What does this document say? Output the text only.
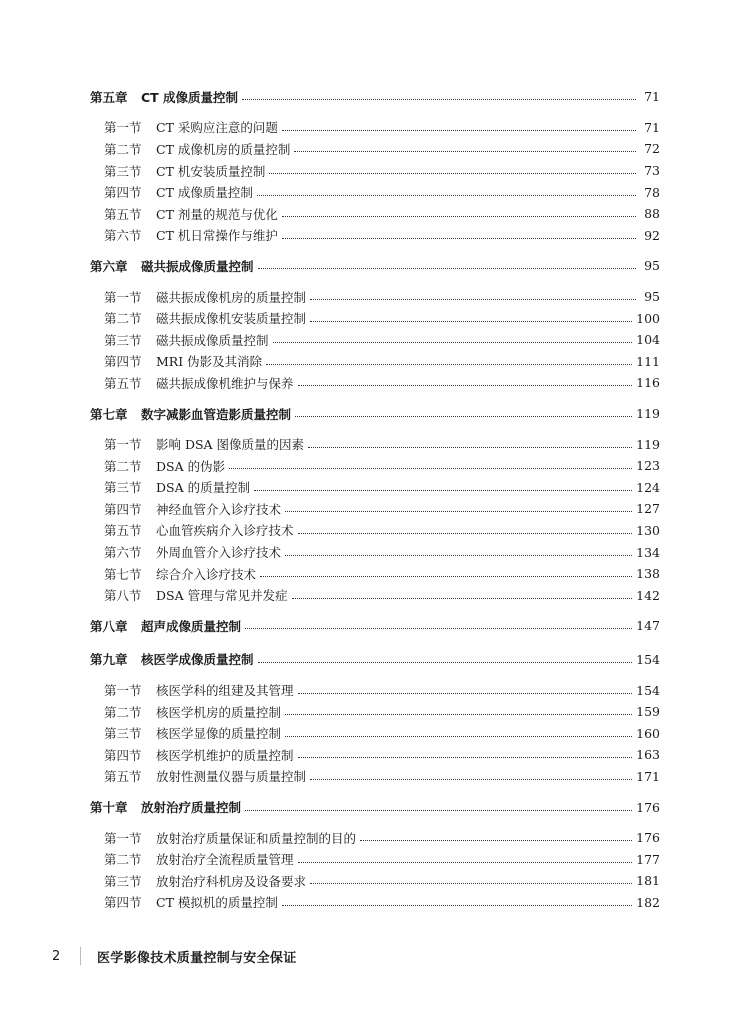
第五章 CT 成像质量控制	71
第一节 CT 采购应注意的问题	71
第二节 CT 成像机房的质量控制	72
第三节 CT 机安装质量控制	73
第四节 CT 成像质量控制	78
第五节 CT 剂量的规范与优化	88
第六节 CT 机日常操作与维护	92
第六章 磁共振成像质量控制	95
第一节 磁共振成像机房的质量控制	95
第二节 磁共振成像机安装质量控制	100
第三节 磁共振成像质量控制	104
第四节 MRI 伪影及其消除	111
第五节 磁共振成像机维护与保养	116
第七章 数字减影血管造影质量控制	119
第一节 影响 DSA 图像质量的因素	119
第二节 DSA 的伪影	123
第三节 DSA 的质量控制	124
第四节 神经血管介入诊疗技术	127
第五节 心血管疾病介入诊疗技术	130
第六节 外周血管介入诊疗技术	134
第七节 综合介入诊疗技术	138
第八节 DSA 管理与常见并发症	142
第八章 超声成像质量控制	147
第九章 核医学成像质量控制	154
第一节 核医学科的组建及其管理	154
第二节 核医学机房的质量控制	159
第三节 核医学显像的质量控制	160
第四节 核医学机维护的质量控制	163
第五节 放射性测量仪器与质量控制	171
第十章 放射治疗质量控制	176
第一节 放射治疗质量保证和质量控制的目的	176
第二节 放射治疗全流程质量管理	177
第三节 放射治疗科机房及设备要求	181
第四节 CT 模拟机的质量控制	182
2	医学影像技术质量控制与安全保证
